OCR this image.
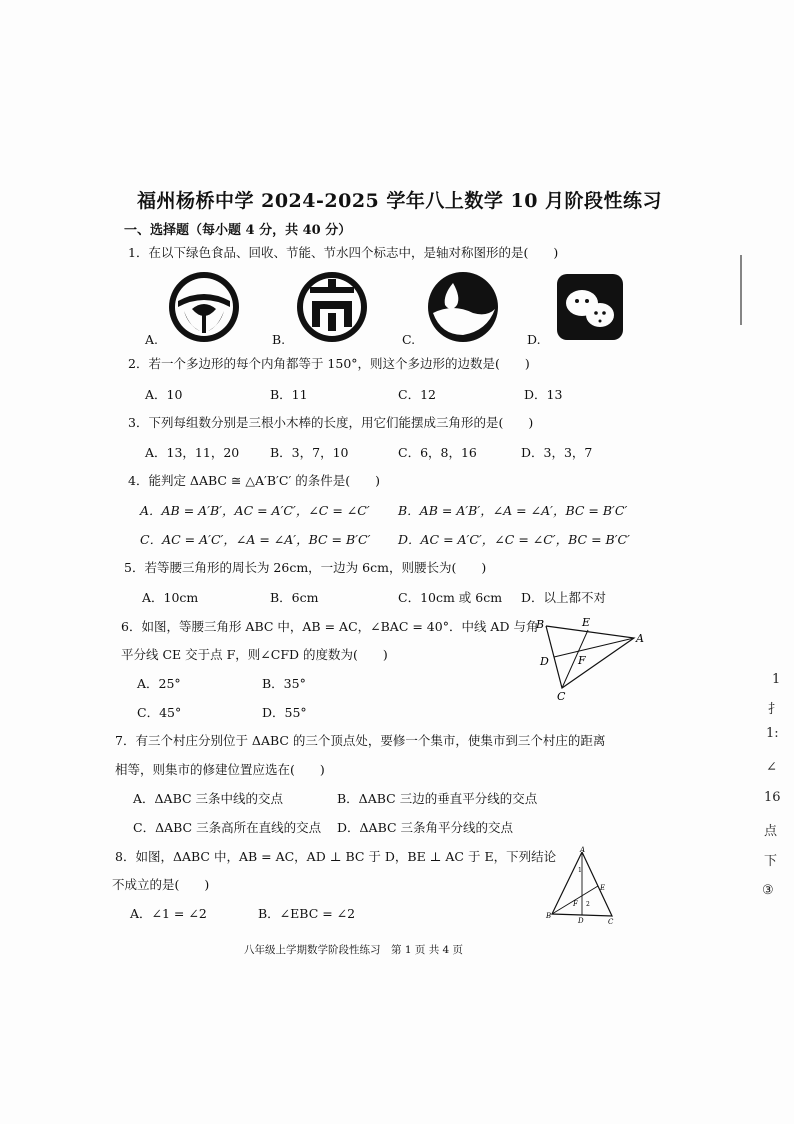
福州杨桥中学 2024-2025 学年八上数学 10 月阶段性练习
一、选择题（每小题 4 分，共 40 分）
1．在以下绿色食品、回收、节能、节水四个标志中，是轴对称图形的是(　　)
A.	B.	C.	D.
2．若一个多边形的每个内角都等于 150°，则这个多边形的边数是(　　)
A．10	B．11	C．12	D．13
3．下列每组数分别是三根小木棒的长度，用它们能摆成三角形的是(　　)
A．13，11，20 B．3，7，10	C．6，8，16	D．3，3，7
4．能判定 ΔABC ≅ △A′B′C′ 的条件是(　　)
A．AB = A′B′，AC = A′C′，∠C = ∠C′ B．AB = A′B′，∠A = ∠A′，BC = B′C′
C．AC = A′C′，∠A = ∠A′，BC = B′C′ D．AC = A′C′，∠C = ∠C′，BC = B′C′
5．若等腰三角形的周长为 26cm，一边为 6cm，则腰长为(　　)
A．10cm	B．6cm	C．10cm 或 6cm D．以上都不对
6．如图，等腰三角形 ABC 中，AB = AC，∠BAC = 40°．中线 AD 与角
平分线 CE 交于点 F，则∠CFD 的度数为(　　)
A．25°	B．35°
C．45°	D．55°
B	E
A
D	F
C
7．有三个村庄分别位于 ΔABC 的三个顶点处，要修一个集市，使集市到三个村庄的距离
相等，则集市的修建位置应选在(　　)
A．ΔABC 三条中线的交点	B．ΔABC 三边的垂直平分线的交点
C．ΔABC 三条高所在直线的交点 D．ΔABC 三条角平分线的交点
8．如图，ΔABC 中，AB = AC，AD ⊥ BC 于 D，BE ⊥ AC 于 E，下列结论
不成立的是(　　)
A．∠1 = ∠2	B．∠EBC = ∠2
A
1
E
F 2
B
D	C
八年级上学期数学阶段性练习　第 1 页 共 4 页
1
扌
1:
∠
16
点
下
③
